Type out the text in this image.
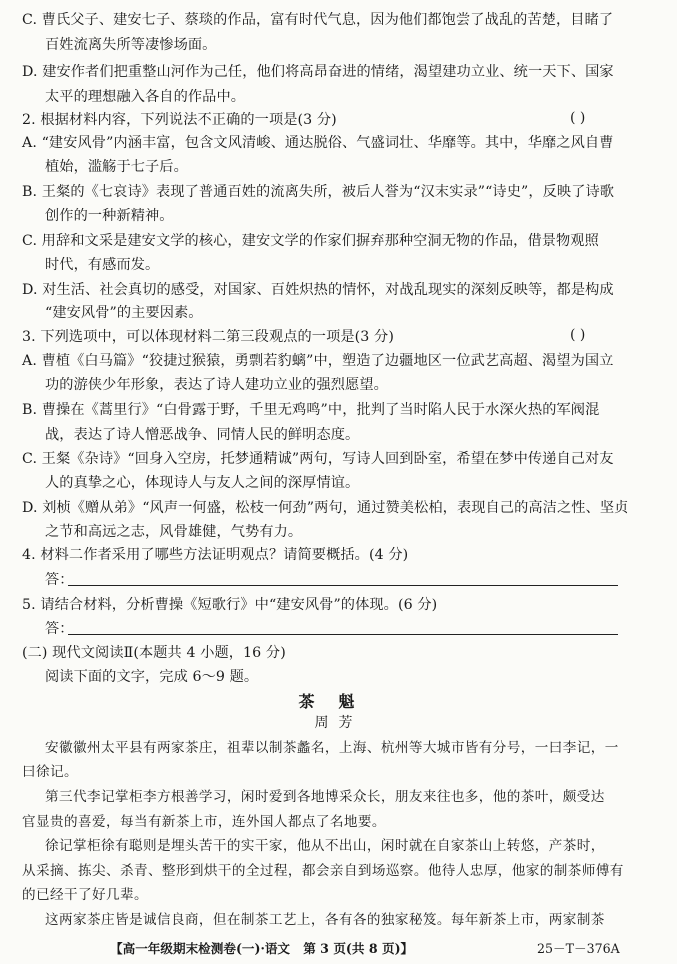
C. 曹氏父子、建安七子、蔡琰的作品，富有时代气息，因为他们都饱尝了战乱的苦楚，目睹了
百姓流离失所等凄惨场面。
D. 建安作者们把重整山河作为己任，他们将高昂奋进的情绪，渴望建功立业、统一天下、国家
太平的理想融入各自的作品中。
2. 根据材料内容，下列说法不正确的一项是(3 分)	( )
A. “建安风骨”内涵丰富，包含文风清峻、通达脱俗、气盛词壮、华靡等。其中，华靡之风自曹
植始，滥觞于七子后。
B. 王粲的《七哀诗》表现了普通百姓的流离失所，被后人誉为“汉末实录”“诗史”，反映了诗歌
创作的一种新精神。
C. 用辞和文采是建安文学的核心，建安文学的作家们摒弃那种空洞无物的作品，借景物观照
时代，有感而发。
D. 对生活、社会真切的感受，对国家、百姓炽热的情怀，对战乱现实的深刻反映等，都是构成
“建安风骨”的主要因素。
3. 下列选项中，可以体现材料二第三段观点的一项是(3 分)	( )
A. 曹植《白马篇》“狡捷过猴猿，勇剽若豹螭”中，塑造了边疆地区一位武艺高超、渴望为国立
功的游侠少年形象，表达了诗人建功立业的强烈愿望。
B. 曹操在《蒿里行》“白骨露于野，千里无鸡鸣”中，批判了当时陷人民于水深火热的军阀混
战，表达了诗人憎恶战争、同情人民的鲜明态度。
C. 王粲《杂诗》“回身入空房，托梦通精诚”两句，写诗人回到卧室，希望在梦中传递自己对友
人的真挚之心，体现诗人与友人之间的深厚情谊。
D. 刘桢《赠从弟》“风声一何盛，松枝一何劲”两句，通过赞美松柏，表现自己的高洁之性、坚贞
之节和高远之志，风骨雄健，气势有力。
4. 材料二作者采用了哪些方法证明观点？请简要概括。(4 分)
答：
5. 请结合材料，分析曹操《短歌行》中“建安风骨”的体现。(6 分)
答：
(二) 现代文阅读Ⅱ(本题共 4 小题，16 分)
阅读下面的文字，完成 6～9 题。
茶魁
周芳
安徽徽州太平县有两家茶庄，祖辈以制茶蠡名，上海、杭州等大城市皆有分号，一曰李记，一
曰徐记。
第三代李记掌柜李方根善学习，闲时爱到各地博采众长，朋友来往也多，他的茶叶，颇受达
官显贵的喜爱，每当有新茶上市，连外国人都点了名地要。
徐记掌柜徐有聪则是埋头苦干的实干家，他从不出山，闲时就在自家茶山上转悠，产茶时，
从采摘、拣尖、杀青、整形到烘干的全过程，都会亲自到场巡察。他待人忠厚，他家的制茶师傅有
的已经干了好几辈。
这两家茶庄皆是诚信良商，但在制茶工艺上，各有各的独家秘笈。每年新茶上市，两家制茶
【高一年级期末检测卷(一)·语文 第 3 页(共 8 页)】	25－T－376A
